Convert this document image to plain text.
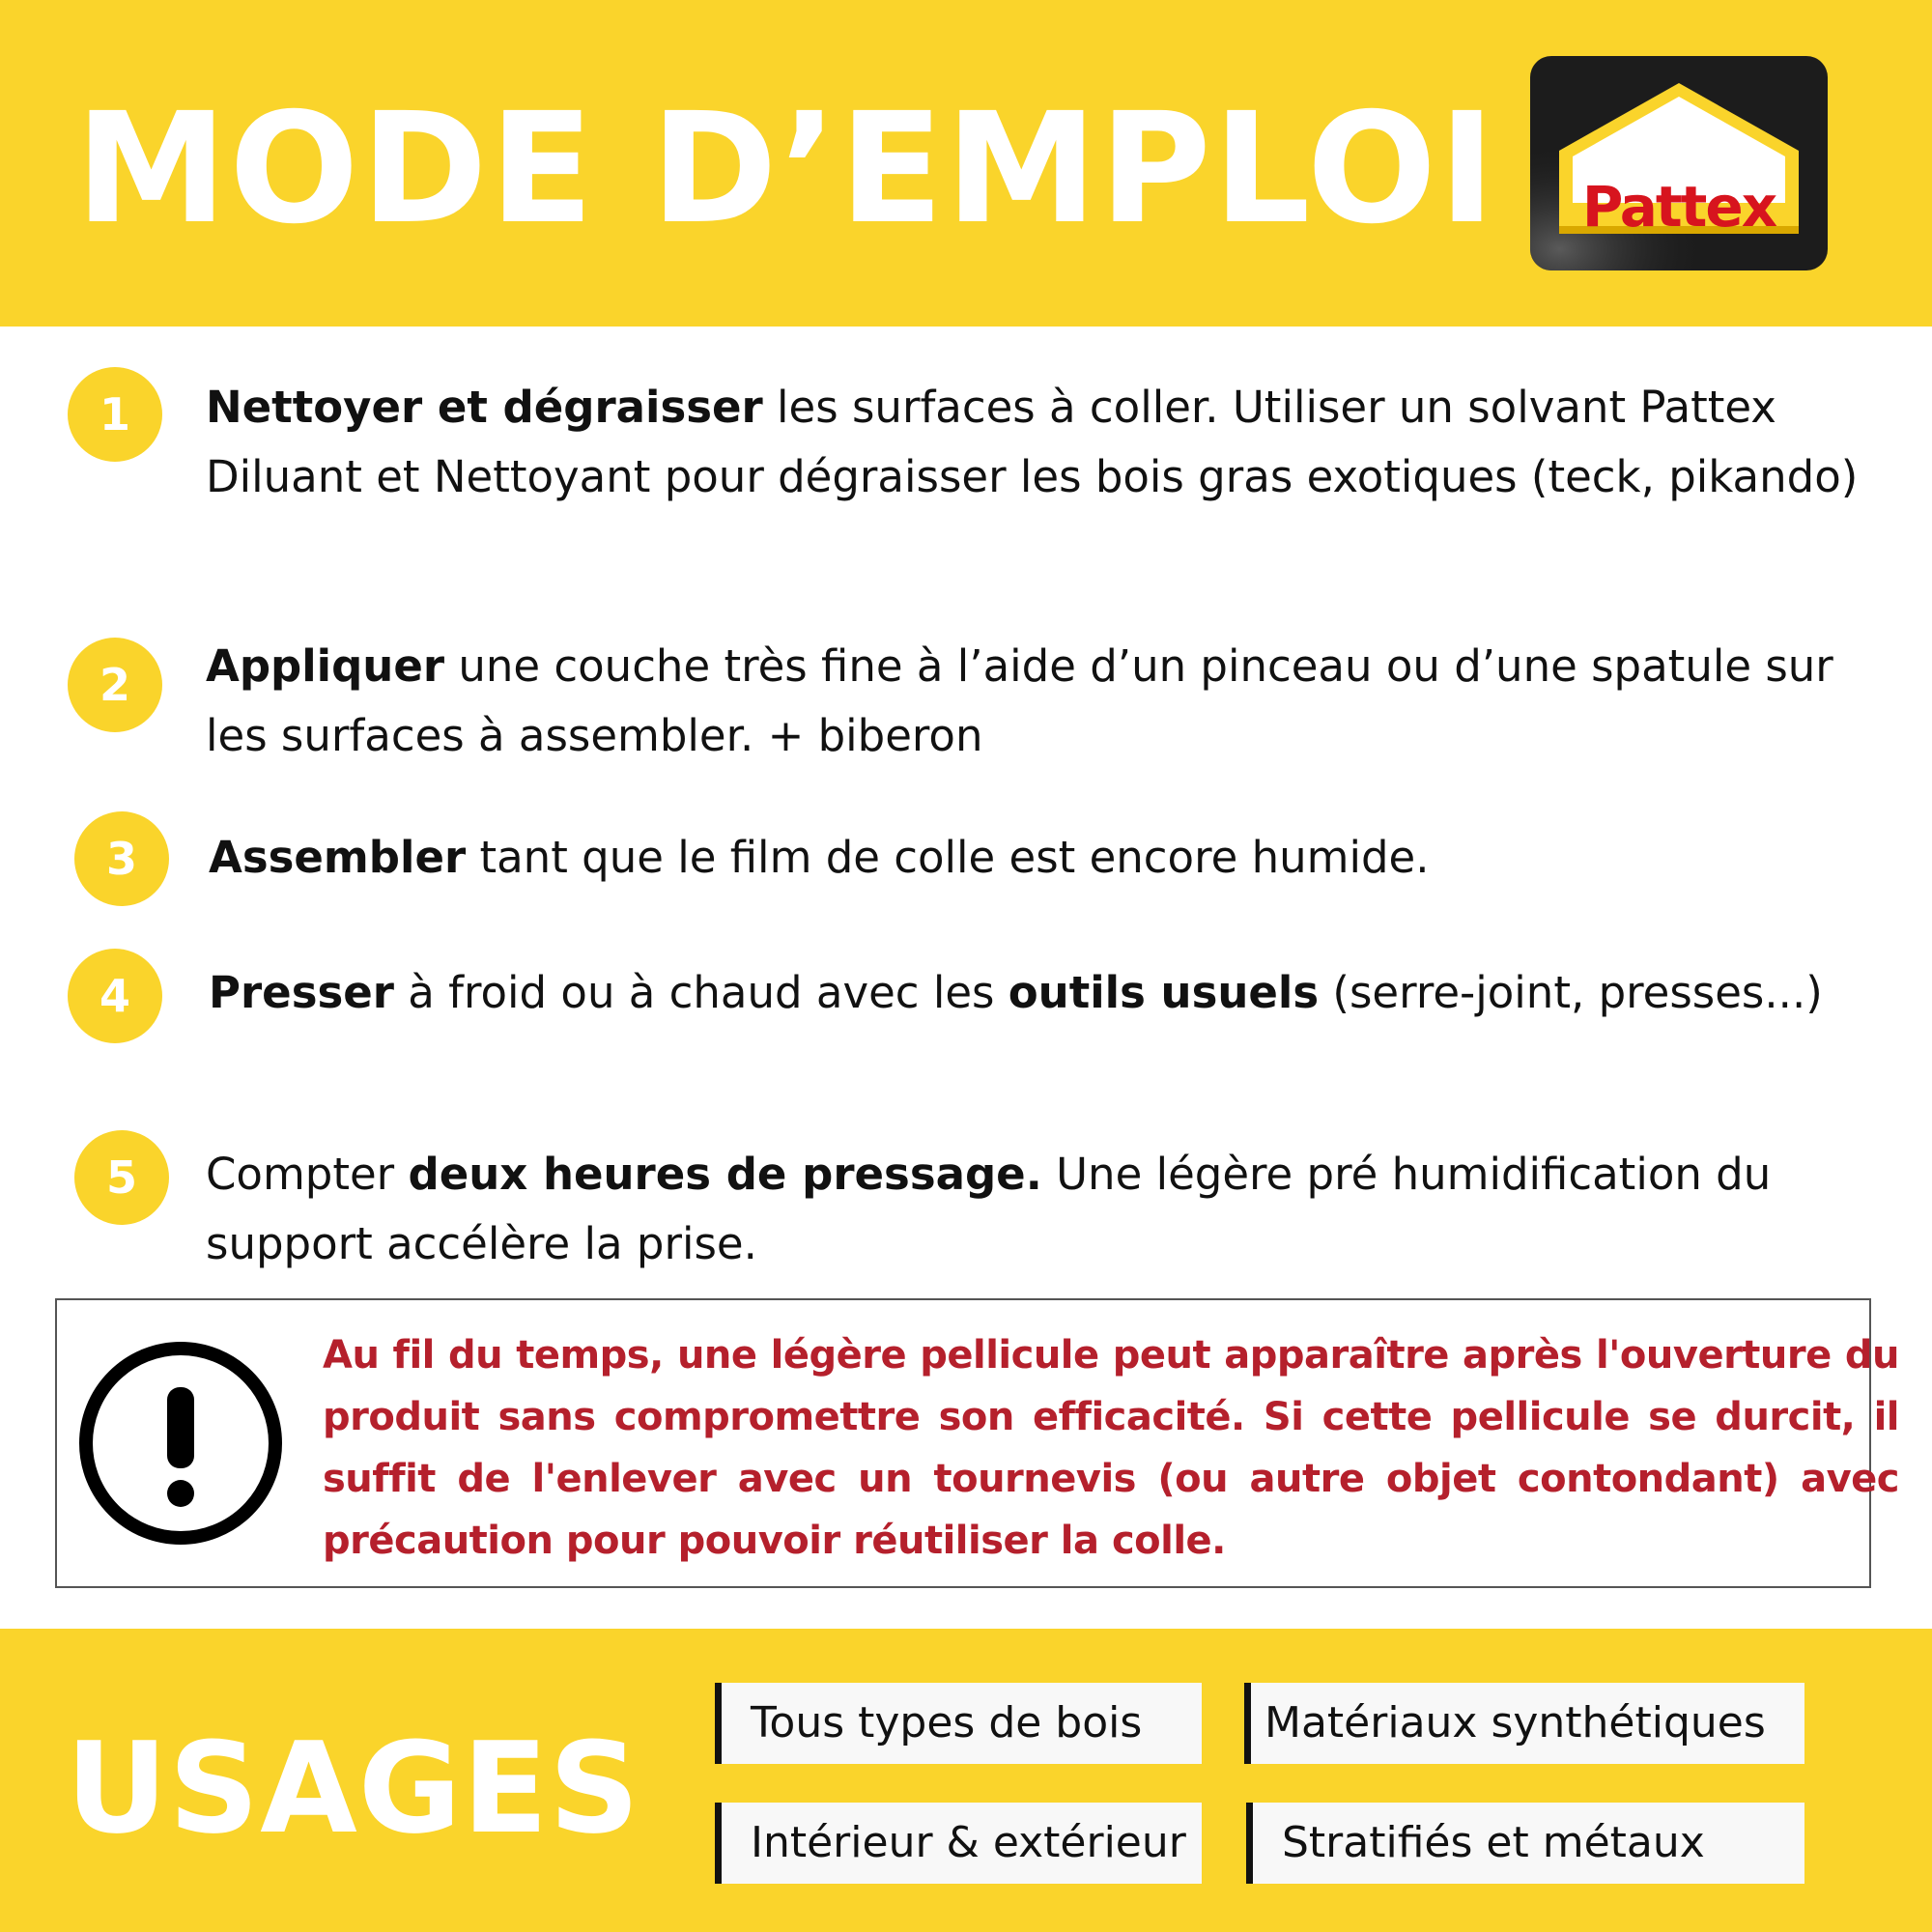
MODE D’EMPLOI	Pattex
1	Nettoyer et dégraisser les surfaces à coller. Utiliser un solvant Pattex Diluant et Nettoyant pour dégraisser les bois gras exotiques (teck, pikando)
2	Appliquer une couche très fine à l’aide d’un pinceau ou d’une spatule sur les surfaces à assembler. + biberon
3	Assembler tant que le film de colle est encore humide.
4	Presser à froid ou à chaud avec les outils usuels (serre-joint, presses...)
5	Compter deux heures de pressage. Une légère pré humidification du support accélère la prise.
Au fil du temps, une légère pellicule peut apparaître après l'ouverture du produit sans compromettre son efficacité. Si cette pellicule se durcit, il suffit de l'enlever avec un tournevis (ou autre objet contondant) avec précaution pour pouvoir réutiliser la colle.
USAGES	Tous types de bois	Matériaux synthétiques
Intérieur & extérieur	Stratifiés et métaux
